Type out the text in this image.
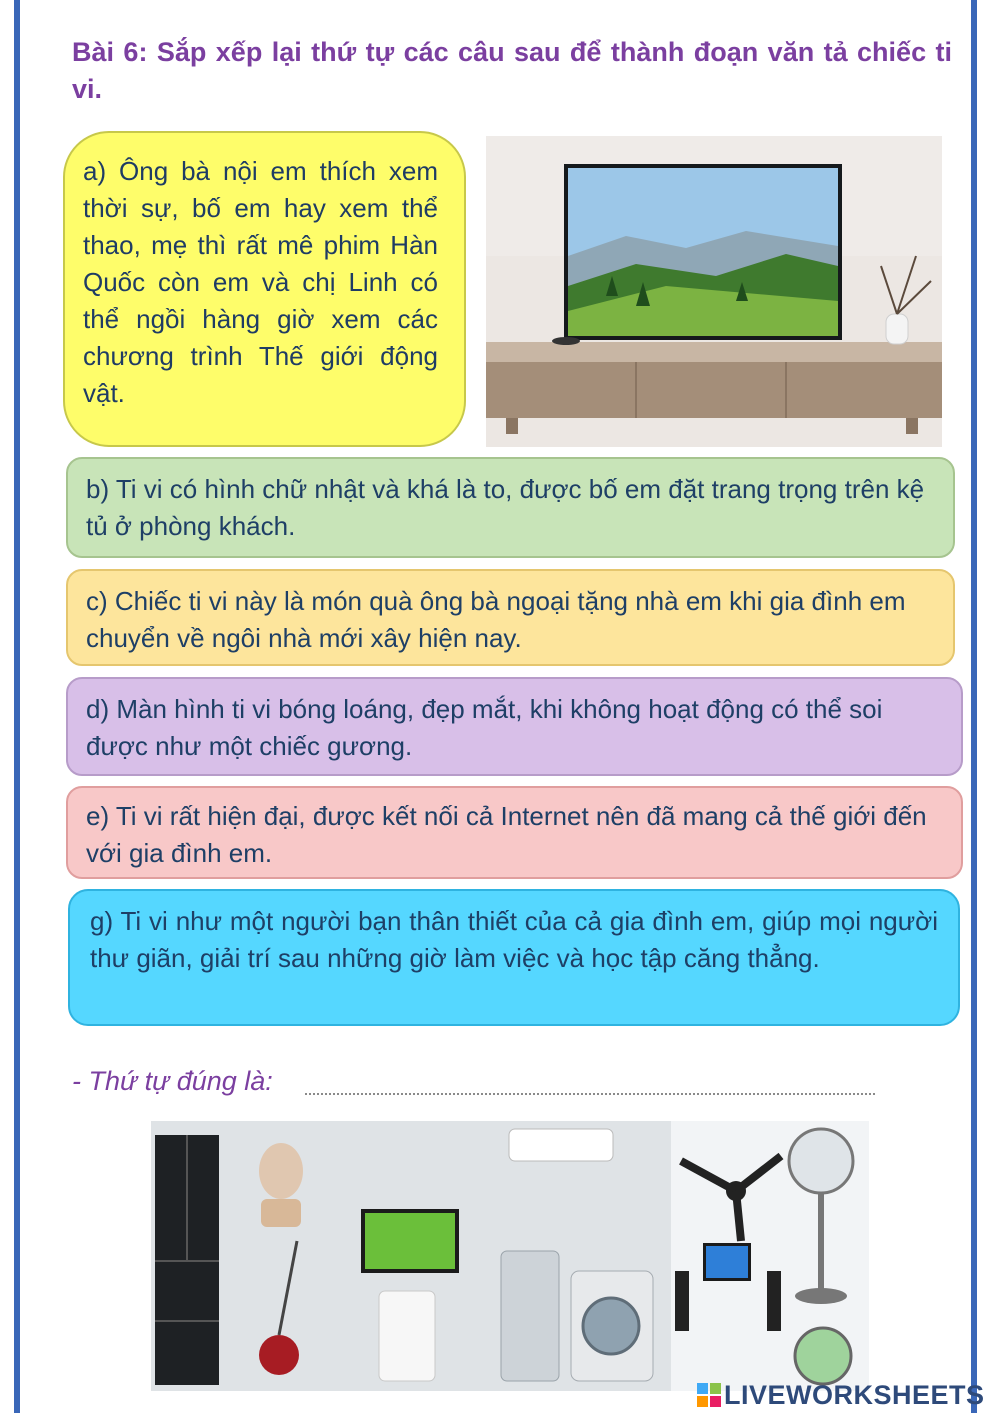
Bài 6: Sắp xếp lại thứ tự các câu sau để thành đoạn văn tả chiếc ti vi.
a) Ông bà nội em thích xem thời sự, bố em hay xem thể thao, mẹ thì rất mê phim Hàn Quốc còn em và chị Linh có thể ngồi hàng giờ xem các chương trình Thế giới động vật.
b) Ti vi có hình chữ nhật và khá là to, được bố em đặt trang trọng trên kệ tủ ở phòng khách.
c) Chiếc ti vi này là món quà ông bà ngoại tặng nhà em khi gia đình em chuyển về ngôi nhà mới xây hiện nay.
d) Màn hình ti vi bóng loáng, đẹp mắt, khi không hoạt động có thể soi được như một chiếc gương.
e) Ti vi rất hiện đại, được kết nối cả Internet nên đã mang cả thế giới đến với gia đình em.
g) Ti vi như một người bạn thân thiết của cả gia đình em, giúp mọi người thư giãn, giải trí sau những giờ làm việc và học tập căng thẳng.
- Thứ tự đúng là:
LIVEWORKSHEETS
